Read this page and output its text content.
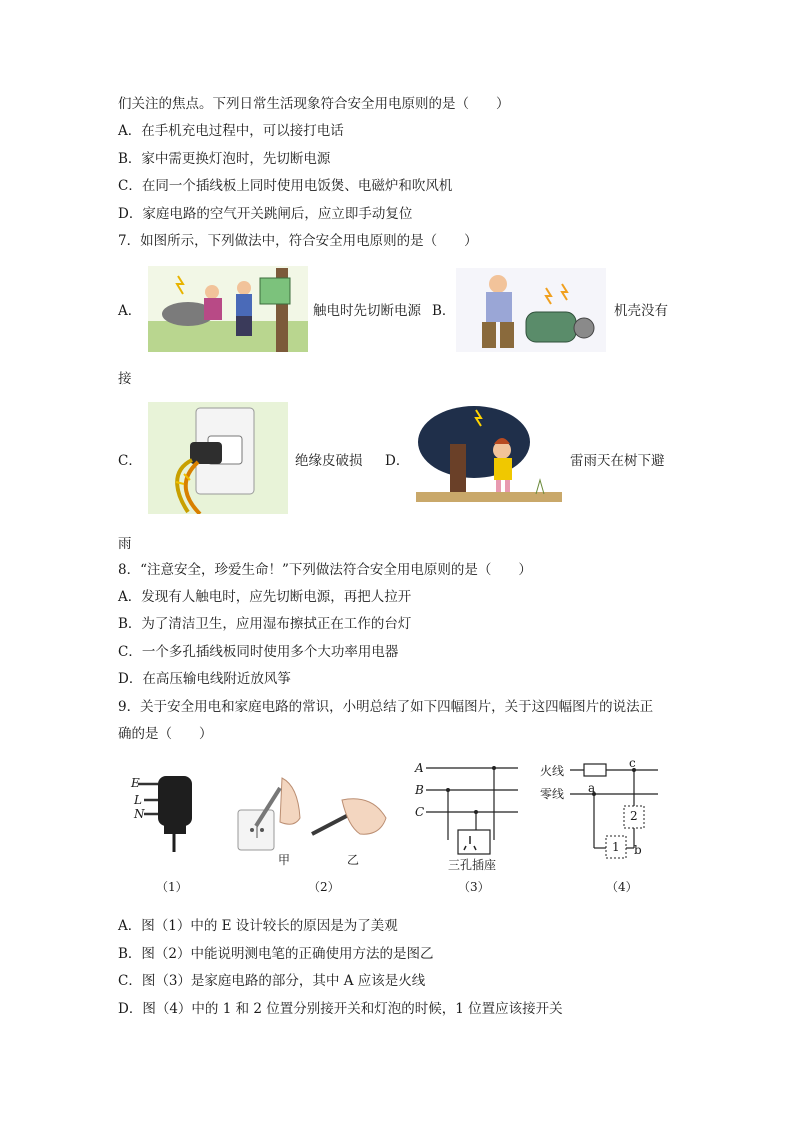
们关注的焦点。下列日常生活现象符合安全用电原则的是（　　）
A．在手机充电过程中，可以接打电话
B．家中需更换灯泡时，先切断电源
C．在同一个插线板上同时使用电饭煲、电磁炉和吹风机
D．家庭电路的空气开关跳闸后，应立即手动复位
7．如图所示，下列做法中，符合安全用电原则的是（　　）
A．	触电时先切断电源 B．	机壳没有
接
C．	绝缘皮破损 D．	雷雨天在树下避
雨
8．“注意安全，珍爱生命！”下列做法符合安全用电原则的是（　　）
A．发现有人触电时，应先切断电源，再把人拉开
B．为了清洁卫生，应用湿布擦拭正在工作的台灯
C．一个多孔插线板同时使用多个大功率用电器
D．在高压输电线附近放风筝
9．关于安全用电和家庭电路的常识，小明总结了如下四幅图片，关于这四幅图片的说法正
确的是（　　）
E
L
N
（1）
甲	乙
（2）
A
B
C
三孔插座
（3）
火线
零线 a
b
c
2
1
（4）
A．图（1）中的 E 设计较长的原因是为了美观
B．图（2）中能说明测电笔的正确使用方法的是图乙
C．图（3）是家庭电路的部分，其中 A 应该是火线
D．图（4）中的 1 和 2 位置分别接开关和灯泡的时候，1 位置应该接开关
